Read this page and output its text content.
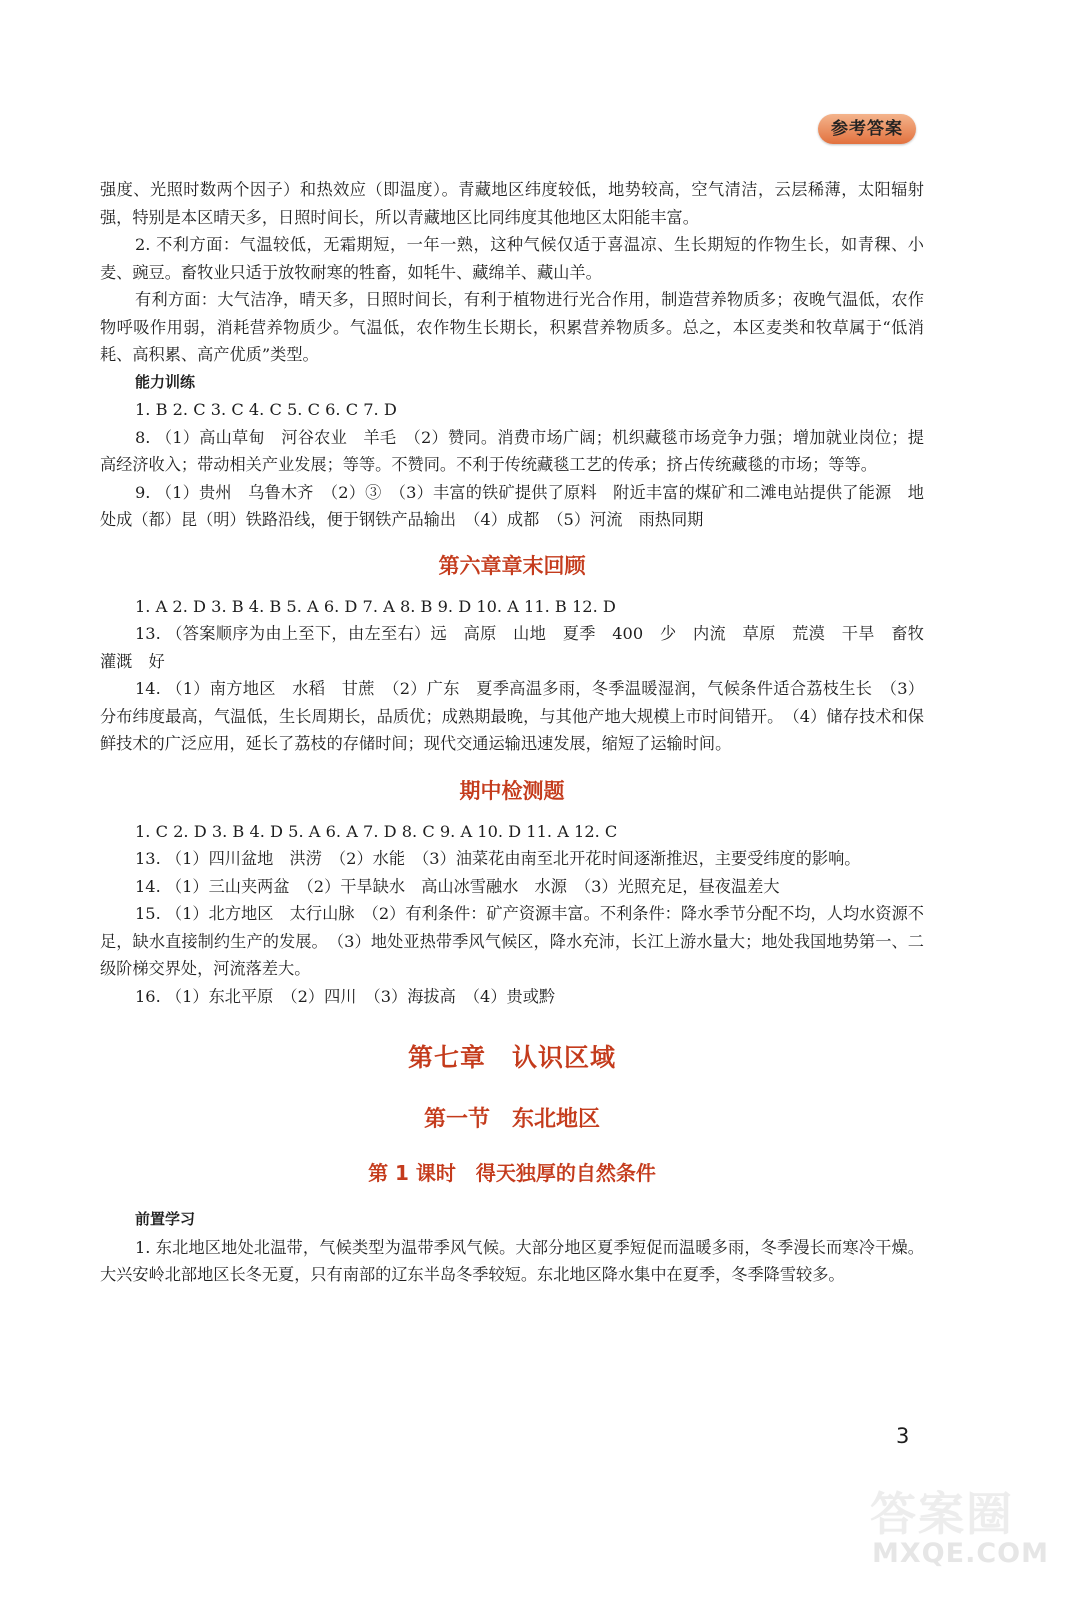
参考答案

强度、光照时数两个因子）和热效应（即温度）。青藏地区纬度较低，地势较高，空气清洁，云层稀薄，太阳辐射强，特别是本区晴天多，日照时间长，所以青藏地区比同纬度其他地区太阳能丰富。

2. 不利方面：气温较低，无霜期短，一年一熟，这种气候仅适于喜温凉、生长期短的作物生长，如青稞、小麦、豌豆。畜牧业只适于放牧耐寒的牲畜，如牦牛、藏绵羊、藏山羊。

有利方面：大气洁净，晴天多，日照时间长，有利于植物进行光合作用，制造营养物质多；夜晚气温低，农作物呼吸作用弱，消耗营养物质少。气温低，农作物生长期长，积累营养物质多。总之，本区麦类和牧草属于“低消耗、高积累、高产优质”类型。

能力训练

1. B 2. C 3. C 4. C 5. C 6. C 7. D

8. （1）高山草甸　河谷农业　羊毛　（2）赞同。消费市场广阔；机织藏毯市场竞争力强；增加就业岗位；提高经济收入；带动相关产业发展；等等。不赞同。不利于传统藏毯工艺的传承；挤占传统藏毯的市场；等等。

9. （1）贵州　乌鲁木齐　（2）③　（3）丰富的铁矿提供了原料　附近丰富的煤矿和二滩电站提供了能源　地处成（都）昆（明）铁路沿线，便于钢铁产品输出　（4）成都　（5）河流　雨热同期

第六章章末回顾

1. A 2. D 3. B 4. B 5. A 6. D 7. A 8. B 9. D 10. A 11. B 12. D

13. （答案顺序为由上至下，由左至右）远　高原　山地　夏季　400　少　内流　草原　荒漠　干旱　畜牧　灌溉　好

14. （1）南方地区　水稻　甘蔗　（2）广东　夏季高温多雨，冬季温暖湿润，气候条件适合荔枝生长　（3）分布纬度最高，气温低，生长周期长，品质优；成熟期最晚，与其他产地大规模上市时间错开。　（4）储存技术和保鲜技术的广泛应用，延长了荔枝的存储时间；现代交通运输迅速发展，缩短了运输时间。

期中检测题

1. C 2. D 3. B 4. D 5. A 6. A 7. D 8. C 9. A 10. D 11. A 12. C

13. （1）四川盆地　洪涝　（2）水能　（3）油菜花由南至北开花时间逐渐推迟，主要受纬度的影响。

14. （1）三山夹两盆　（2）干旱缺水　高山冰雪融水　水源　（3）光照充足，昼夜温差大

15. （1）北方地区　太行山脉　（2）有利条件：矿产资源丰富。不利条件：降水季节分配不均，人均水资源不足，缺水直接制约生产的发展。　（3）地处亚热带季风气候区，降水充沛，长江上游水量大；地处我国地势第一、二级阶梯交界处，河流落差大。

16. （1）东北平原　（2）四川　（3）海拔高　（4）贵或黔

第七章　认识区域
第一节　东北地区
第 1 课时　得天独厚的自然条件

前置学习

1. 东北地区地处北温带，气候类型为温带季风气候。大部分地区夏季短促而温暖多雨，冬季漫长而寒冷干燥。大兴安岭北部地区长冬无夏，只有南部的辽东半岛冬季较短。东北地区降水集中在夏季，冬季降雪较多。

3
答案圈
MXQE.COM
